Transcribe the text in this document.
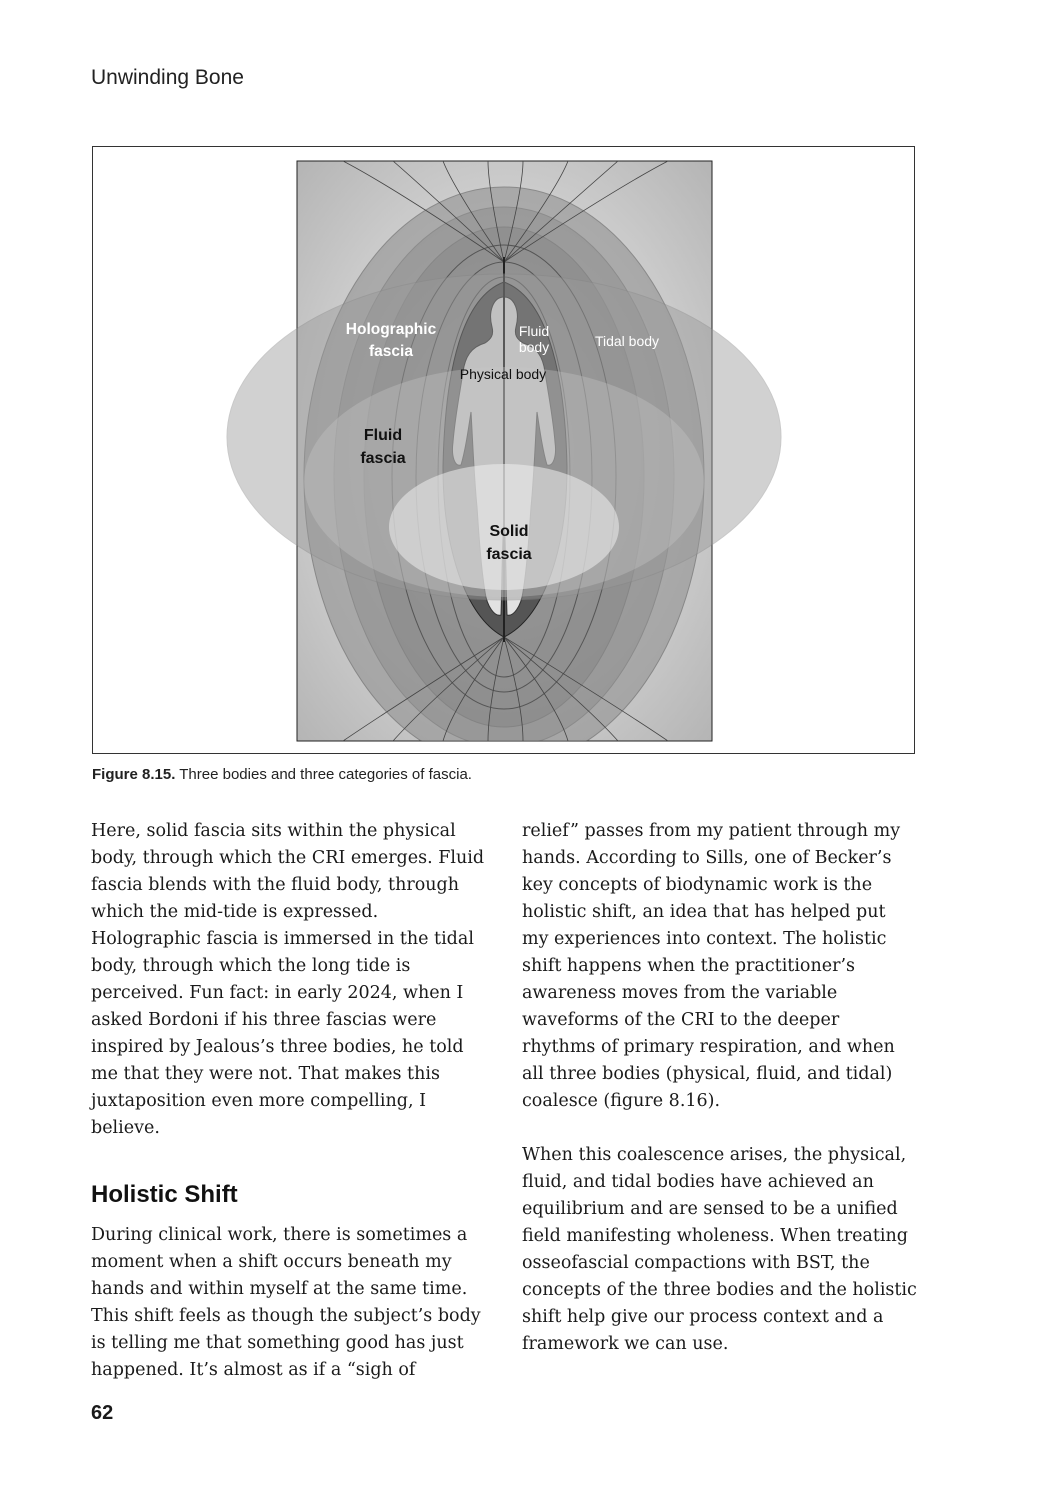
Unwinding Bone
Holographic
fascia
Fluid
body	Tidal body
Physical body
Fluid
fascia
Solid
fascia
Figure 8.15. Three bodies and three categories of fascia.

Here, solid fascia sits within the physical body, through which the CRI emerges. Fluid fascia blends with the fluid body, through which the mid-tide is expressed. Holographic fascia is immersed in the tidal body, through which the long tide is perceived. Fun fact: in early 2024, when I asked Bordoni if his three fascias were inspired by Jealous’s three bodies, he told me that they were not. That makes this juxtaposition even more compelling, I believe.

Holistic Shift

During clinical work, there is sometimes a moment when a shift occurs beneath my hands and within myself at the same time. This shift feels as though the subject’s body is telling me that something good has just happened. It’s almost as if a “sigh of

relief” passes from my patient through my hands. According to Sills, one of Becker’s key concepts of biodynamic work is the holistic shift, an idea that has helped put my experiences into context. The holistic shift happens when the practitioner’s awareness moves from the variable waveforms of the CRI to the deeper rhythms of primary respiration, and when all three bodies (physical, fluid, and tidal) coalesce (figure 8.16).

When this coalescence arises, the physical, fluid, and tidal bodies have achieved an equilibrium and are sensed to be a unified field manifesting wholeness. When treating osseofascial compactions with BST, the concepts of the three bodies and the holistic shift help give our process context and a framework we can use.

62
